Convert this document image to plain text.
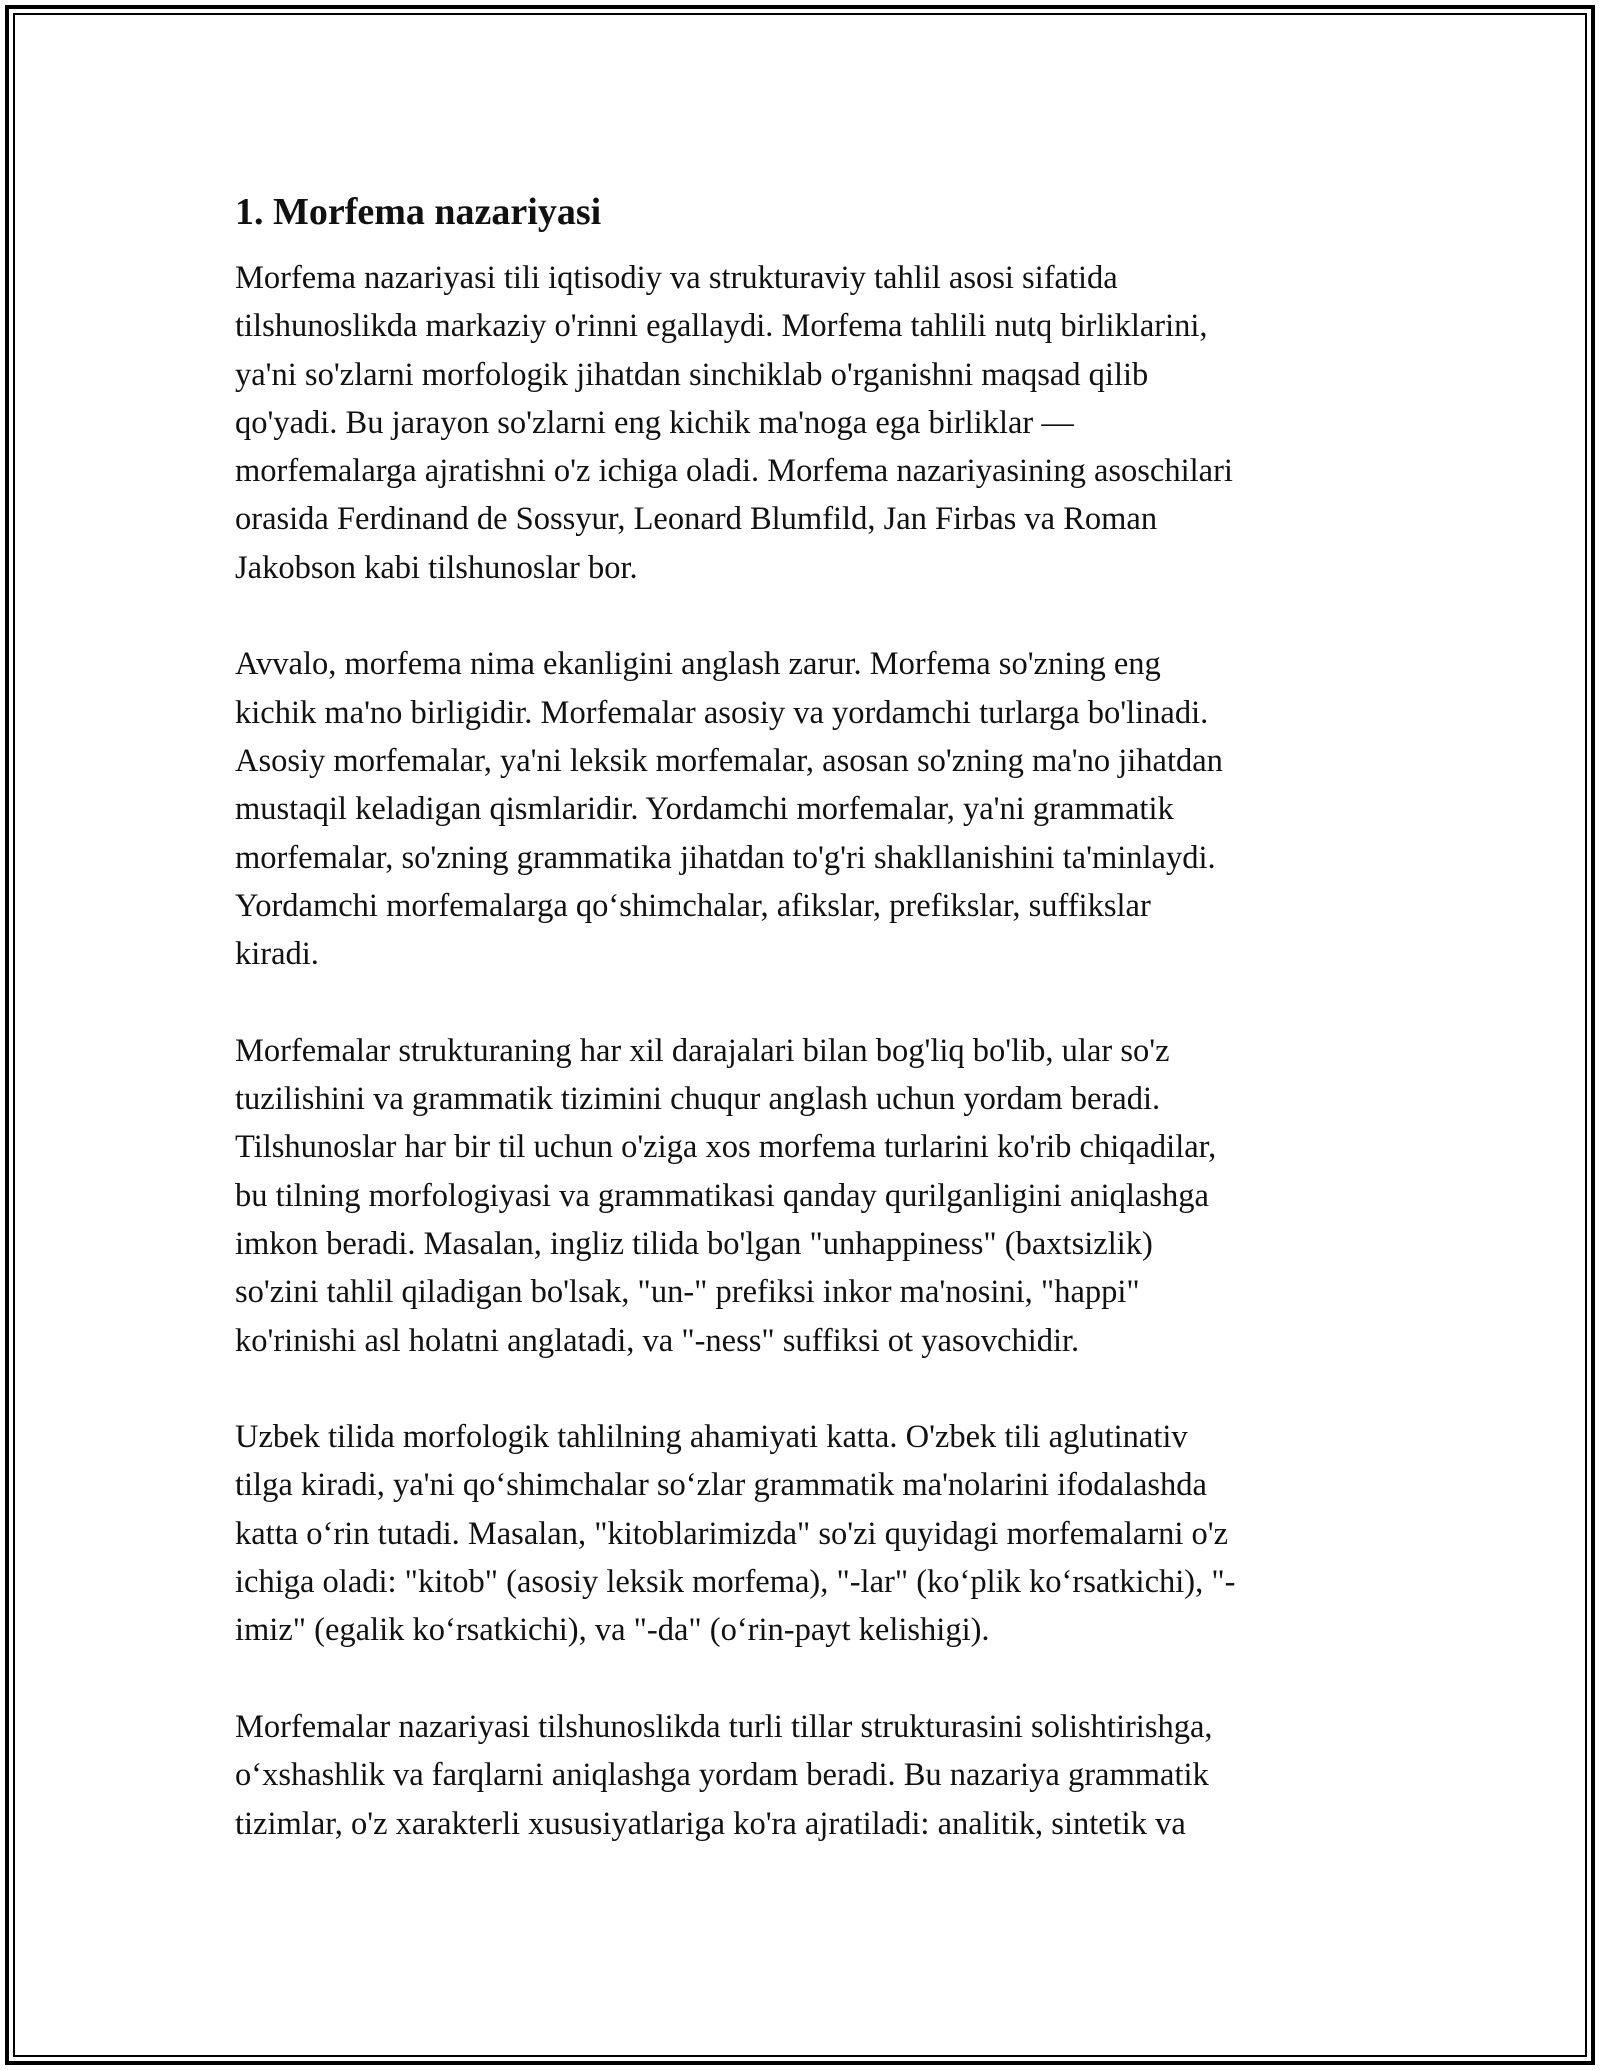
1. Morfema nazariyasi
Morfema nazariyasi tili iqtisodiy va strukturaviy tahlil asosi sifatida
tilshunoslikda markaziy o'rinni egallaydi. Morfema tahlili nutq birliklarini,
ya'ni so'zlarni morfologik jihatdan sinchiklab o'rganishni maqsad qilib
qo'yadi. Bu jarayon so'zlarni eng kichik ma'noga ega birliklar —
morfemalarga ajratishni o'z ichiga oladi. Morfema nazariyasining asoschilari
orasida Ferdinand de Sossyur, Leonard Blumfild, Jan Firbas va Roman
Jakobson kabi tilshunoslar bor.
Avvalo, morfema nima ekanligini anglash zarur. Morfema so'zning eng
kichik ma'no birligidir. Morfemalar asosiy va yordamchi turlarga bo'linadi.
Asosiy morfemalar, ya'ni leksik morfemalar, asosan so'zning ma'no jihatdan
mustaqil keladigan qismlaridir. Yordamchi morfemalar, ya'ni grammatik
morfemalar, so'zning grammatika jihatdan to'g'ri shakllanishini ta'minlaydi.
Yordamchi morfemalarga qoʻshimchalar, afikslar, prefikslar, suffikslar
kiradi.
Morfemalar strukturaning har xil darajalari bilan bog'liq bo'lib, ular so'z
tuzilishini va grammatik tizimini chuqur anglash uchun yordam beradi.
Tilshunoslar har bir til uchun o'ziga xos morfema turlarini ko'rib chiqadilar,
bu tilning morfologiyasi va grammatikasi qanday qurilganligini aniqlashga
imkon beradi. Masalan, ingliz tilida bo'lgan "unhappiness" (baxtsizlik)
so'zini tahlil qiladigan bo'lsak, "un-" prefiksi inkor ma'nosini, "happi"
ko'rinishi asl holatni anglatadi, va "-ness" suffiksi ot yasovchidir.
Uzbek tilida morfologik tahlilning ahamiyati katta. O'zbek tili aglutinativ
tilga kiradi, ya'ni qoʻshimchalar soʻzlar grammatik ma'nolarini ifodalashda
katta oʻrin tutadi. Masalan, "kitoblarimizda" so'zi quyidagi morfemalarni o'z
ichiga oladi: "kitob" (asosiy leksik morfema), "-lar" (koʻplik koʻrsatkichi), "-
imiz" (egalik koʻrsatkichi), va "-da" (oʻrin-payt kelishigi).
Morfemalar nazariyasi tilshunoslikda turli tillar strukturasini solishtirishga,
oʻxshashlik va farqlarni aniqlashga yordam beradi. Bu nazariya grammatik
tizimlar, o'z xarakterli xususiyatlariga ko'ra ajratiladi: analitik, sintetik va
